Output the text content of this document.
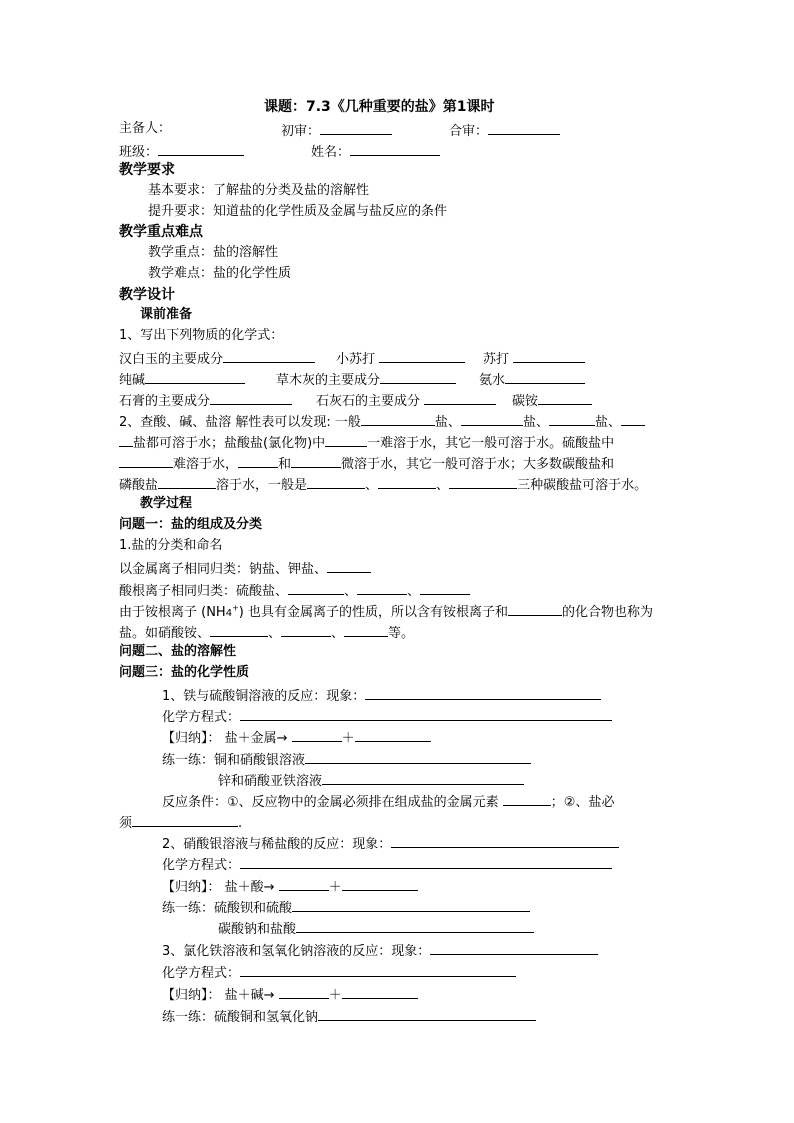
课题：7.3《几种重要的盐》第1课时
主备人：	初审：	合审：
班级：	姓名：
教学要求
基本要求：了解盐的分类及盐的溶解性
提升要求：知道盐的化学性质及金属与盐反应的条件
教学重点难点
教学重点：盐的溶解性
教学难点：盐的化学性质
教学设计
课前准备
1、写出下列物质的化学式：
汉白玉的主要成分	小苏打	苏打
纯碱	草木灰的主要成分	氨水
石膏的主要成分	石灰石的主要成分	碳铵
2、查酸、碱、盐溶 解性表可以发现: 一般	盐、	盐、	盐、
盐都可溶于水；盐酸盐(氯化物)中	一难溶于水，其它一般可溶于水。硫酸盐中
难溶于水，	和	微溶于水，其它一般可溶于水；大多数碳酸盐和
磷酸盐	溶于水，一般是	、	、	三种碳酸盐可溶于水。
教学过程
问题一：盐的组成及分类
1.盐的分类和命名
以金属离子相同归类：钠盐、钾盐、
酸根离子相同归类：硫酸盐、	、	、
由于铵根离子 (NH4+) 也具有金属离子的性质，所以含有铵根离子和	的化合物也称为
盐。如硝酸铵、	、	、	等。
问题二、盐的溶解性
问题三：盐的化学性质
1、铁与硫酸铜溶液的反应：现象：
化学方程式：
【归纳】： 盐＋金属→	＋
练一练：铜和硝酸银溶液
锌和硝酸亚铁溶液
反应条件：①、反应物中的金属必须排在组成盐的金属元素	；②、盐必
须	.
2、硝酸银溶液与稀盐酸的反应：现象：
化学方程式：
【归纳】： 盐＋酸→	＋
练一练：硫酸钡和硫酸
碳酸钠和盐酸
3、氯化铁溶液和氢氧化钠溶液的反应：现象：
化学方程式：
【归纳】： 盐＋碱→	＋
练一练：硫酸铜和氢氧化钠
